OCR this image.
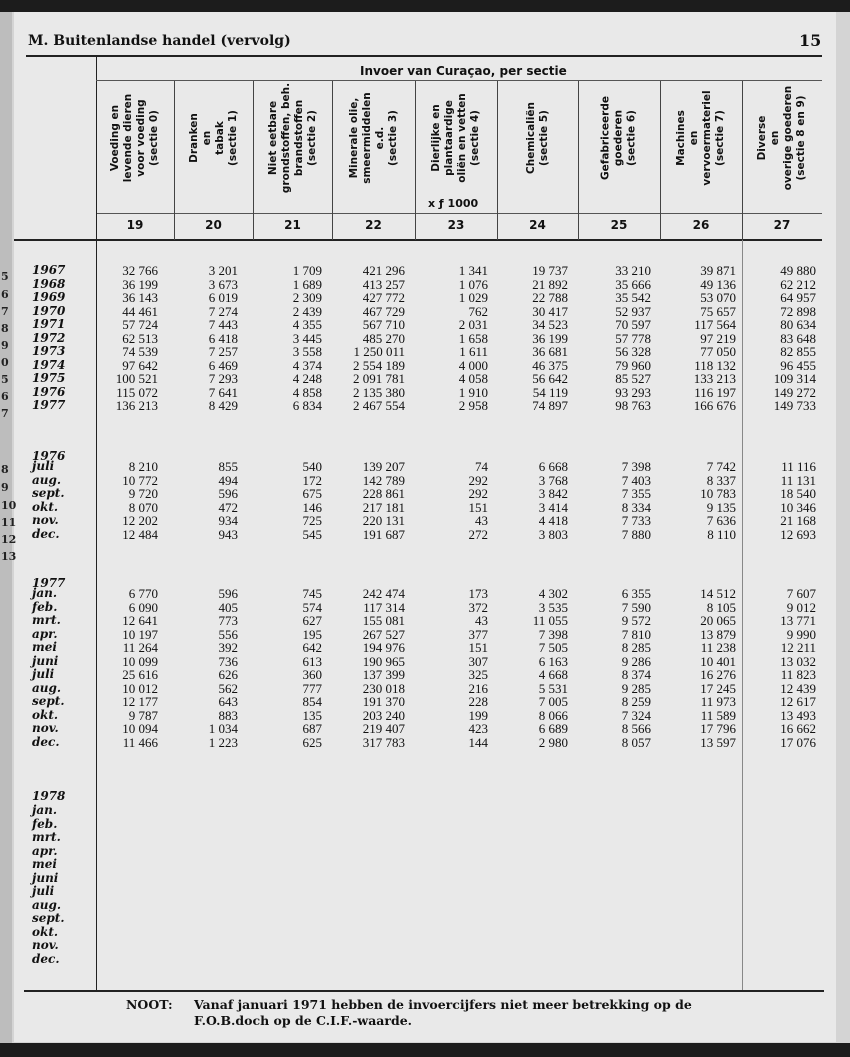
5
6
7
8
9
0
5
6
7
8
9
10
11
12
13
M. Buitenlandse handel (vervolg)	15
Invoer van Curaçao, per sectie
Voeding en levende dieren voor voeding (sectie 0)	Dranken en tabak (sectie 1)	Niet eetbare grondstoffen, beh. brandstoffen (sectie 2)	Minerale olie, smeermiddelen e.d. (sectie 3)	Dierlijke en plantaardige oliën en vetten (sectie 4)	Chemicaliën (sectie 5)	Gefabriceerde goederen (sectie 6)	Machines en vervoermateriel (sectie 7)	Diverse en overige goederen (sectie 8 en 9)
x ƒ 1000
19	20	21	22	23	24	25	26	27
1967	32 766	3 201	1 709	421 296	1 341	19 737	33 210	39 871	49 880
1968	36 199	3 673	1 689	413 257	1 076	21 892	35 666	49 136	62 212
1969	36 143	6 019	2 309	427 772	1 029	22 788	35 542	53 070	64 957
1970	44 461	7 274	2 439	467 729	762	30 417	52 937	75 657	72 898
1971	57 724	7 443	4 355	567 710	2 031	34 523	70 597	117 564	80 634
1972	62 513	6 418	3 445	485 270	1 658	36 199	57 778	97 219	83 648
1973	74 539	7 257	3 558	1 250 011	1 611	36 681	56 328	77 050	82 855
1974	97 642	6 469	4 374	2 554 189	4 000	46 375	79 960	118 132	96 455
1975	100 521	7 293	4 248	2 091 781	4 058	56 642	85 527	133 213	109 314
1976	115 072	7 641	4 858	2 135 380	1 910	54 119	93 293	116 197	149 272
1977	136 213	8 429	6 834	2 467 554	2 958	74 897	98 763	166 676	149 733
1976
juli	8 210	855	540	139 207	74	6 668	7 398	7 742	11 116
aug.	10 772	494	172	142 789	292	3 768	7 403	8 337	11 131
sept.	9 720	596	675	228 861	292	3 842	7 355	10 783	18 540
okt.	8 070	472	146	217 181	151	3 414	8 334	9 135	10 346
nov.	12 202	934	725	220 131	43	4 418	7 733	7 636	21 168
dec.	12 484	943	545	191 687	272	3 803	7 880	8 110	12 693
1977
jan.	6 770	596	745	242 474	173	4 302	6 355	14 512	7 607
feb.	6 090	405	574	117 314	372	3 535	7 590	8 105	9 012
mrt.	12 641	773	627	155 081	43	11 055	9 572	20 065	13 771
apr.	10 197	556	195	267 527	377	7 398	7 810	13 879	9 990
mei	11 264	392	642	194 976	151	7 505	8 285	11 238	12 211
juni	10 099	736	613	190 965	307	6 163	9 286	10 401	13 032
juli	25 616	626	360	137 399	325	4 668	8 374	16 276	11 823
aug.	10 012	562	777	230 018	216	5 531	9 285	17 245	12 439
sept.	12 177	643	854	191 370	228	7 005	8 259	11 973	12 617
okt.	9 787	883	135	203 240	199	8 066	7 324	11 589	13 493
nov.	10 094	1 034	687	219 407	423	6 689	8 566	17 796	16 662
dec.	11 466	1 223	625	317 783	144	2 980	8 057	13 597	17 076
1978
jan.
feb.
mrt.
apr.
mei
juni
juli
aug.
sept.
okt.
nov.
dec.
NOOT: Vanaf januari 1971 hebben de invoercijfers niet meer betrekking op de
F.O.B.doch op de C.I.F.-waarde.
